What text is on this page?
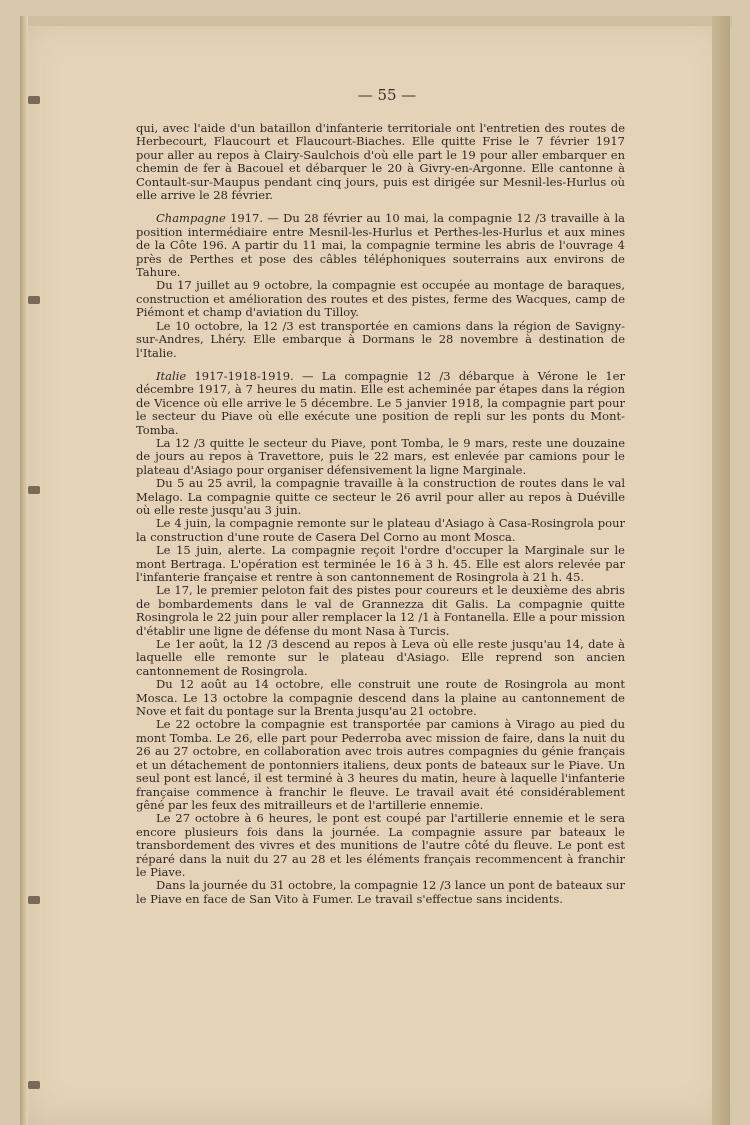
— 55 —

qui, avec l'aide d'un bataillon d'infanterie territoriale ont l'entretien des routes de Herbecourt, Flaucourt et Flaucourt-Biaches. Elle quitte Frise le 7 février 1917 pour aller au repos à Clairy-Saulchois d'où elle part le 19 pour aller embarquer en chemin de fer à Bacouel et débarquer le 20 à Givry-en-Argonne. Elle cantonne à Contault-sur-Maupus pendant cinq jours, puis est dirigée sur Mesnil-les-Hurlus où elle arrive le 28 février.

Champagne 1917. — Du 28 février au 10 mai, la compagnie 12 /3 travaille à la position intermédiaire entre Mesnil-les-Hurlus et Perthes-les-Hurlus et aux mines de la Côte 196. A partir du 11 mai, la compagnie termine les abris de l'ouvrage 4 près de Perthes et pose des câbles téléphoniques souterrains aux environs de Tahure.

Du 17 juillet au 9 octobre, la compagnie est occupée au montage de baraques, construction et amélioration des routes et des pistes, ferme des Wacques, camp de Piémont et champ d'aviation du Tilloy.

Le 10 octobre, la 12 /3 est transportée en camions dans la région de Savigny-sur-Andres, Lhéry. Elle embarque à Dormans le 28 novembre à destination de l'Italie.

Italie 1917-1918-1919. — La compagnie 12 /3 débarque à Vérone le 1er décembre 1917, à 7 heures du matin. Elle est acheminée par étapes dans la région de Vicence où elle arrive le 5 décembre. Le 5 janvier 1918, la compagnie part pour le secteur du Piave où elle exécute une position de repli sur les ponts du Mont-Tomba.

La 12 /3 quitte le secteur du Piave, pont Tomba, le 9 mars, reste une douzaine de jours au repos à Travettore, puis le 22 mars, est enlevée par camions pour le plateau d'Asiago pour organiser défensivement la ligne Marginale.

Du 5 au 25 avril, la compagnie travaille à la construction de routes dans le val Melago. La compagnie quitte ce secteur le 26 avril pour aller au repos à Duéville où elle reste jusqu'au 3 juin.

Le 4 juin, la compagnie remonte sur le plateau d'Asiago à Casa-Rosingrola pour la construction d'une route de Casera Del Corno au mont Mosca.

Le 15 juin, alerte. La compagnie reçoit l'ordre d'occuper la Marginale sur le mont Bertraga. L'opération est terminée le 16 à 3 h. 45. Elle est alors relevée par l'infanterie française et rentre à son cantonnement de Rosingrola à 21 h. 45.

Le 17, le premier peloton fait des pistes pour coureurs et le deuxième des abris de bombardements dans le val de Grannezza dit Galis. La compagnie quitte Rosingrola le 22 juin pour aller remplacer la 12 /1 à Fontanella. Elle a pour mission d'établir une ligne de défense du mont Nasa à Turcis.

Le 1er août, la 12 /3 descend au repos à Leva où elle reste jusqu'au 14, date à laquelle elle remonte sur le plateau d'Asiago. Elle reprend son ancien cantonnement de Rosingrola.

Du 12 août au 14 octobre, elle construit une route de Rosingrola au mont Mosca. Le 13 octobre la compagnie descend dans la plaine au cantonnement de Nove et fait du pontage sur la Brenta jusqu'au 21 octobre.

Le 22 octobre la compagnie est transportée par camions à Virago au pied du mont Tomba. Le 26, elle part pour Pederroba avec mission de faire, dans la nuit du 26 au 27 octobre, en collaboration avec trois autres compagnies du génie français et un détachement de pontonniers italiens, deux ponts de bateaux sur le Piave. Un seul pont est lancé, il est terminé à 3 heures du matin, heure à laquelle l'infanterie française commence à franchir le fleuve. Le travail avait été considérablement gêné par les feux des mitrailleurs et de l'artillerie ennemie.

Le 27 octobre à 6 heures, le pont est coupé par l'artillerie ennemie et le sera encore plusieurs fois dans la journée. La compagnie assure par bateaux le transbordement des vivres et des munitions de l'autre côté du fleuve. Le pont est réparé dans la nuit du 27 au 28 et les éléments français recommencent à franchir le Piave.

Dans la journée du 31 octobre, la compagnie 12 /3 lance un pont de bateaux sur le Piave en face de San Vito à Fumer. Le travail s'effectue sans incidents.
